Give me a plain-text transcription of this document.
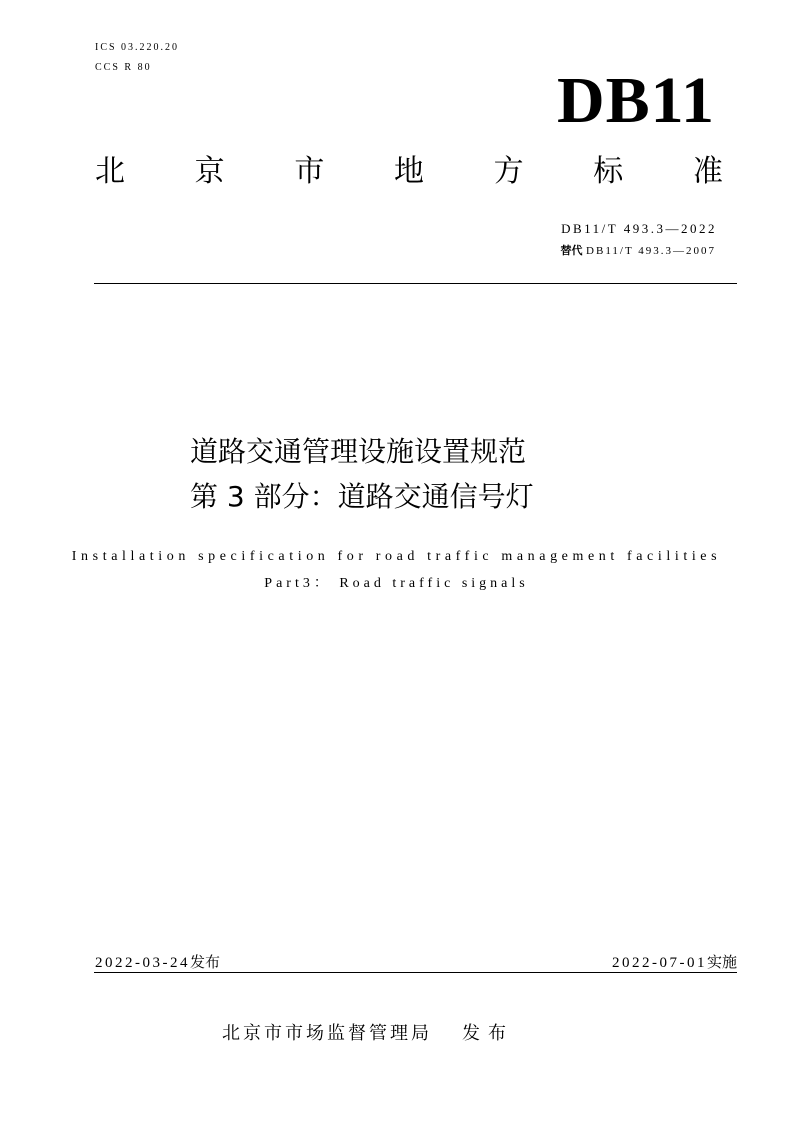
ICS 03.220.20
CCS R 80	DB11
北 京 市 地 方 标 准
DB11/T 493.3—2022
替代 DB11/T 493.3—2007
道路交通管理设施设置规范
第 3 部分：道路交通信号灯
Installation specification for road traffic management facilities
Part3： Road traffic signals
2022-03-24发布	2022-07-01实施
北京市市场监督管理局 发布
